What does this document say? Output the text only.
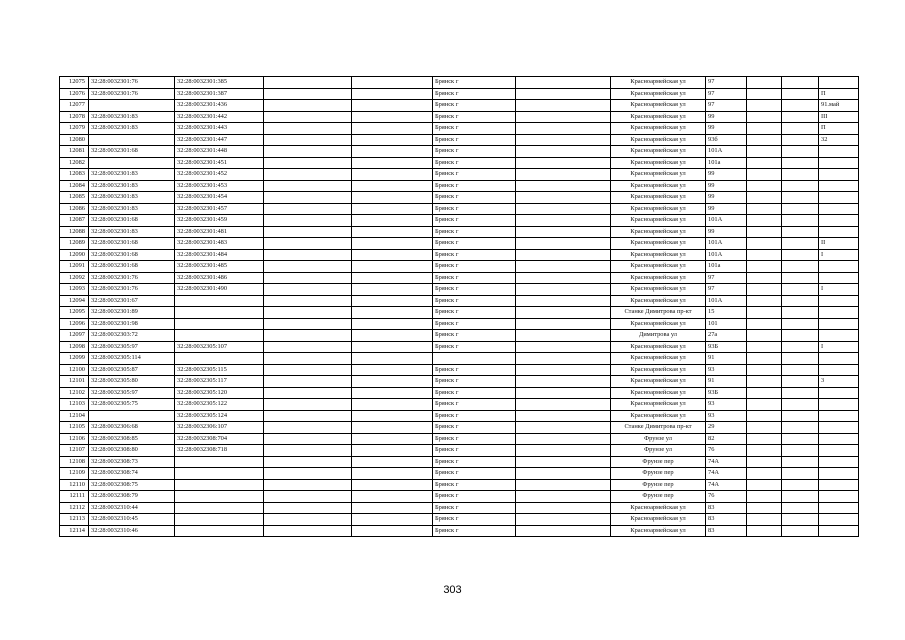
12075	32:28:0032301:76	32:28:0032301:385			Брянск г		Красноармейская ул	97			
12076	32:28:0032301:76	32:28:0032301:387			Брянск г		Красноармейская ул	97			П
12077		32:28:0032301:436			Брянск г		Красноармейская ул	97			91.май
12078	32:28:0032301:83	32:28:0032301:442			Брянск г		Красноармейская ул	99			III
12079	32:28:0032301:83	32:28:0032301:443			Брянск г		Красноармейская ул	99			П
12080		32:28:0032301:447			Брянск г		Красноармейская ул	93б			32
12081	32:28:0032301:68	32:28:0032301:448			Брянск г		Красноармейская ул	101А			
12082		32:28:0032301:451			Брянск г		Красноармейская ул	101а			
12083	32:28:0032301:83	32:28:0032301:452			Брянск г		Красноармейская ул	99			
12084	32:28:0032301:83	32:28:0032301:453			Брянск г		Красноармейская ул	99			
12085	32:28:0032301:83	32:28:0032301:454			Брянск г		Красноармейская ул	99			
12086	32:28:0032301:83	32:28:0032301:457			Брянск г		Красноармейская ул	99			
12087	32:28:0032301:68	32:28:0032301:459			Брянск г		Красноармейская ул	101А			
12088	32:28:0032301:83	32:28:0032301:481			Брянск г		Красноармейская ул	99			
12089	32:28:0032301:68	32:28:0032301:483			Брянск г		Красноармейская ул	101А			II
12090	32:28:0032301:68	32:28:0032301:484			Брянск г		Красноармейская ул	101А			I
12091	32:28:0032301:68	32:28:0032301:485			Брянск г		Красноармейская ул	101а			
12092	32:28:0032301:76	32:28:0032301:486			Брянск г		Красноармейская ул	97			
12093	32:28:0032301:76	32:28:0032301:490			Брянск г		Красноармейская ул	97			I
12094	32:28:0032301:67				Брянск г		Красноармейская ул	101А			
12095	32:28:0032301:89				Брянск г		Станке Димитрова пр-кт	15			
12096	32:28:0032301:98				Брянск г		Красноармейская ул	101			
12097	32:28:0032303:72				Брянск г		Димитрова ул	27а			
12098	32:28:0032305:97	32:28:0032305:107			Брянск г		Красноармейская ул	93Б			I
12099	32:28:0032305:114						Красноармейская ул	91			
12100	32:28:0032305:87	32:28:0032305:115			Брянск г		Красноармейская ул	93			
12101	32:28:0032305:80	32:28:0032305:117			Брянск г		Красноармейская ул	91			3
12102	32:28:0032305:97	32:28:0032305:120			Брянск г		Красноармейская ул	93Б			
12103	32:28:0032305:75	32:28:0032305:122			Брянск г		Красноармейская ул	93			
12104		32:28:0032305:124			Брянск г		Красноармейская ул	93			
12105	32:28:0032306:68	32:28:0032306:107			Брянск г		Станке Димитрова пр-кт	29			
12106	32:28:0032308:85	32:28:0032308:704			Брянск г		Фрунзе ул	82			
12107	32:28:0032308:80	32:28:0032308:718			Брянск г		Фрунзе ул	76			
12108	32:28:0032308:73				Брянск г		Фрунзе пер	74А			
12109	32:28:0032308:74				Брянск г		Фрунзе пер	74А			
12110	32:28:0032308:75				Брянск г		Фрунзе пер	74А			
12111	32:28:0032308:79				Брянск г		Фрунзе пер	76			
12112	32:28:0032310:44				Брянск г		Красноармейская ул	83			
12113	32:28:0032310:45				Брянск г		Красноармейская ул	83			
12114	32:28:0032310:46				Брянск г		Красноармейская ул	83			
303
